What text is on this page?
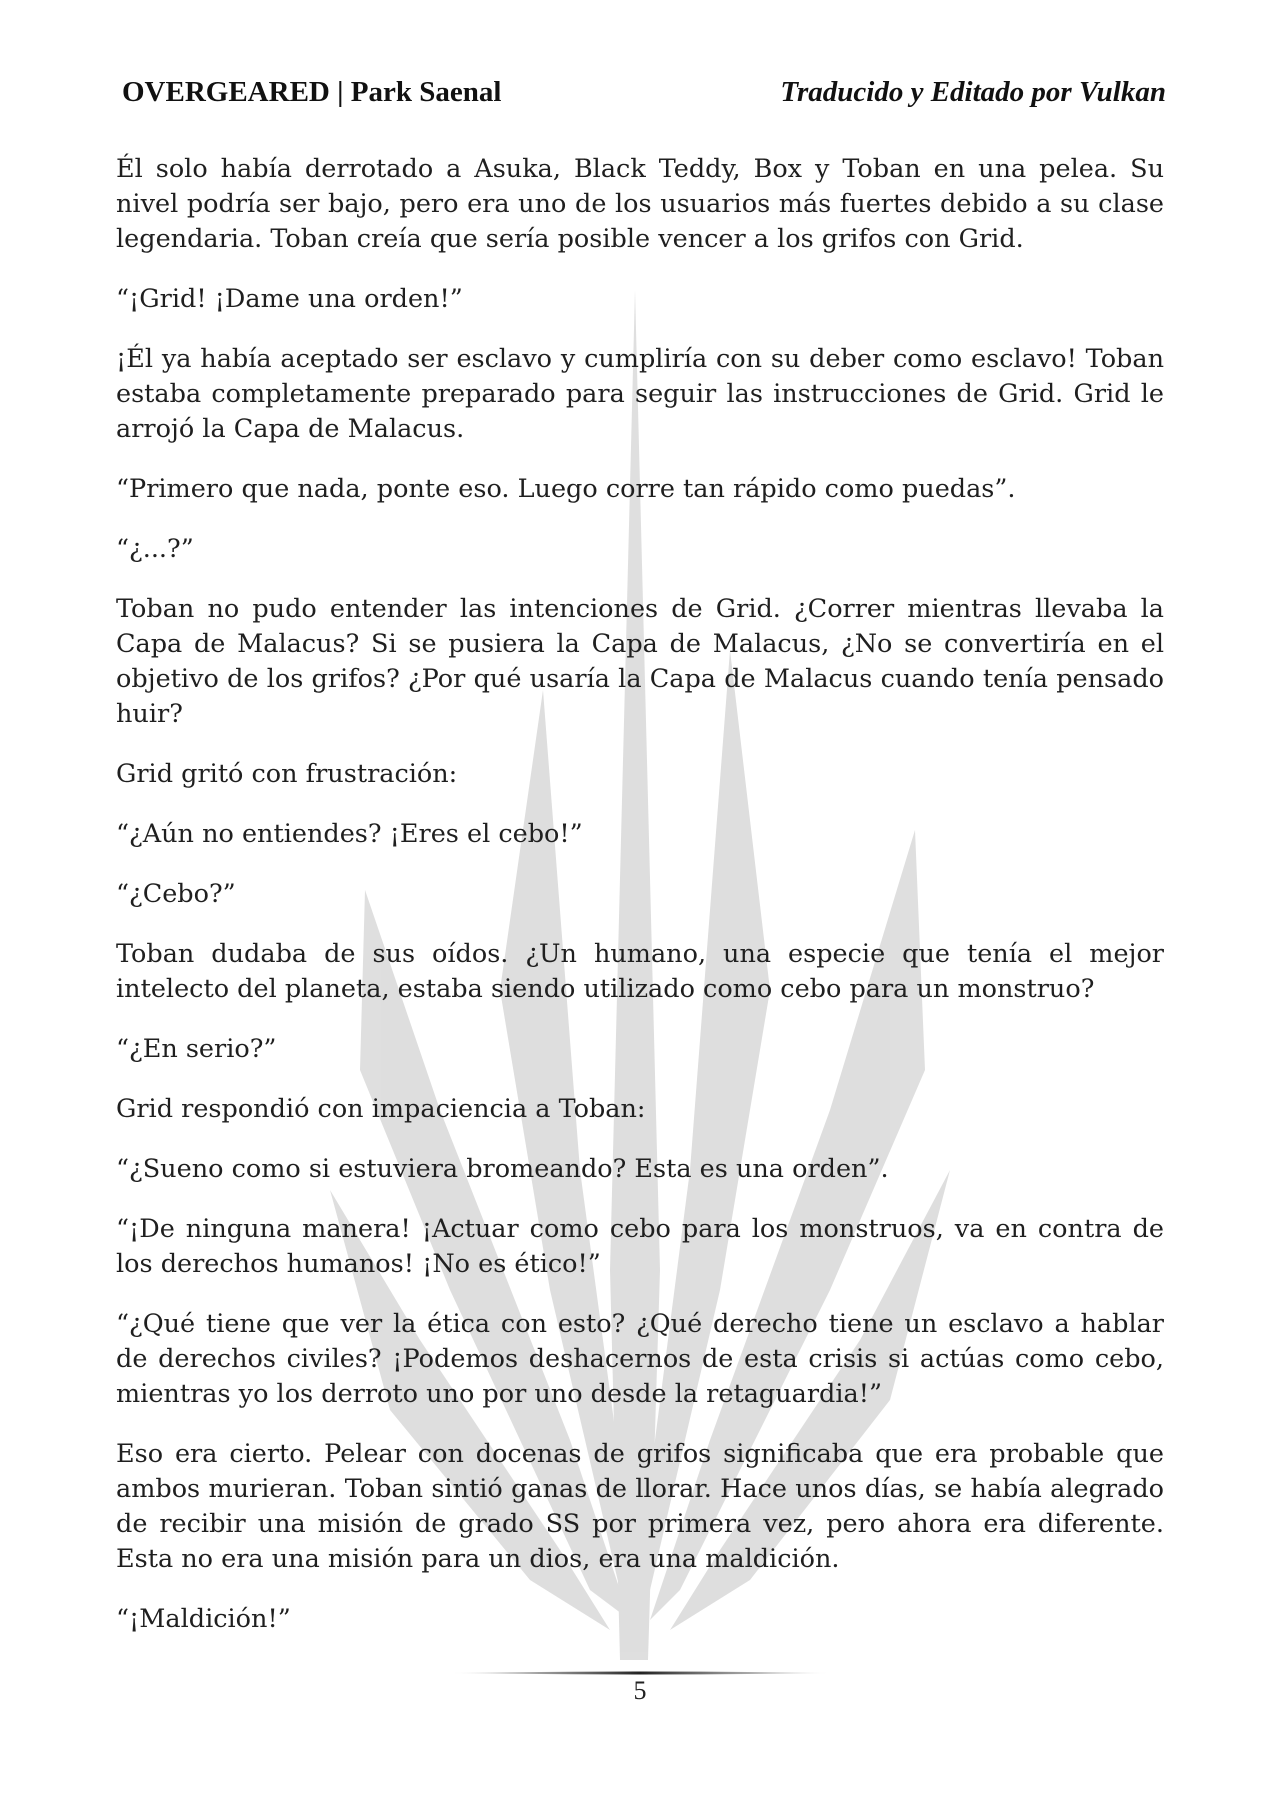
OVERGEARED | Park Saenal	Traducido y Editado por Vulkan

Él solo había derrotado a Asuka, Black Teddy, Box y Toban en una pelea. Su nivel podría ser bajo, pero era uno de los usuarios más fuertes debido a su clase legendaria. Toban creía que sería posible vencer a los grifos con Grid.

“¡Grid! ¡Dame una orden!”

¡Él ya había aceptado ser esclavo y cumpliría con su deber como esclavo! Toban estaba completamente preparado para seguir las instrucciones de Grid. Grid le arrojó la Capa de Malacus.

“Primero que nada, ponte eso. Luego corre tan rápido como puedas”.

“¿...?”

Toban no pudo entender las intenciones de Grid. ¿Correr mientras llevaba la Capa de Malacus? Si se pusiera la Capa de Malacus, ¿No se convertiría en el objetivo de los grifos? ¿Por qué usaría la Capa de Malacus cuando tenía pensado huir?

Grid gritó con frustración:

“¿Aún no entiendes? ¡Eres el cebo!”

“¿Cebo?”

Toban dudaba de sus oídos. ¿Un humano, una especie que tenía el mejor intelecto del planeta, estaba siendo utilizado como cebo para un monstruo?

“¿En serio?”

Grid respondió con impaciencia a Toban:

“¿Sueno como si estuviera bromeando? Esta es una orden”.

“¡De ninguna manera! ¡Actuar como cebo para los monstruos, va en contra de los derechos humanos! ¡No es ético!”

“¿Qué tiene que ver la ética con esto? ¿Qué derecho tiene un esclavo a hablar de derechos civiles? ¡Podemos deshacernos de esta crisis si actúas como cebo, mientras yo los derroto uno por uno desde la retaguardia!”

Eso era cierto. Pelear con docenas de grifos significaba que era probable que ambos murieran. Toban sintió ganas de llorar. Hace unos días, se había alegrado de recibir una misión de grado SS por primera vez, pero ahora era diferente. Esta no era una misión para un dios, era una maldición.

“¡Maldición!”

5
